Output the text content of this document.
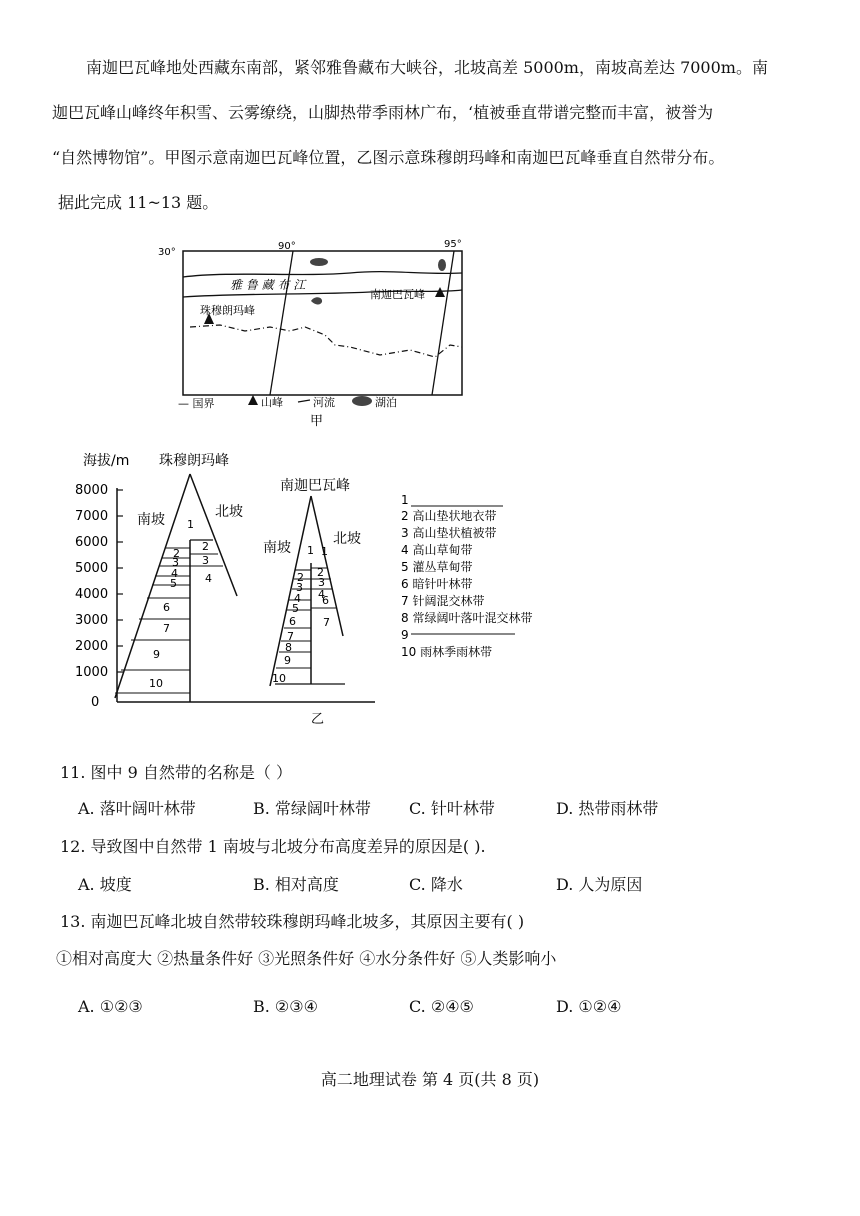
南迦巴瓦峰地处西藏东南部，紧邻雅鲁藏布大峡谷，北坡高差 5000m，南坡高差达 7000m。南
迦巴瓦峰山峰终年积雪、云雾缭绕，山脚热带季雨林广布，‘植被垂直带谱完整而丰富，被誉为
“自然博物馆”。甲图示意南迦巴瓦峰位置，乙图示意珠穆朗玛峰和南迦巴瓦峰垂直自然带分布。
据此完成 11~13 题。
30°
90°	95°
雅 鲁 藏 布 江
南迦巴瓦峰
珠穆朗玛峰
— 国界	山峰	河流	湖泊
甲
海拔/m
8000
7000
6000
5000
4000
3000
2000
1000
0
珠穆朗玛峰
南坡	北坡
1
2
3
4
5
6
7
9
10
2
3
4
南迦巴瓦峰
南坡
北坡
1
2
3
4
5
6
7
8
9
10
1
2
3
4
6
7
乙
1
2 高山垫状地衣带
3 高山垫状植被带
4 高山草甸带
5 灌丛草甸带
6 暗针叶林带
7 针阔混交林带
8 常绿阔叶落叶混交林带
9
10 雨林季雨林带
11. 图中 9 自然带的名称是（ ）
A. 落叶阔叶林带	B. 常绿阔叶林带 C. 针叶林带	D. 热带雨林带
12. 导致图中自然带 1 南坡与北坡分布高度差异的原因是( ).
A. 坡度	B. 相对高度	C. 降水	D. 人为原因
13. 南迦巴瓦峰北坡自然带较珠穆朗玛峰北坡多，其原因主要有( )
①相对高度大 ②热量条件好 ③光照条件好 ④水分条件好 ⑤人类影响小
A. ①②③	B. ②③④	C. ②④⑤	D. ①②④
高二地理试卷 第 4 页(共 8 页)
